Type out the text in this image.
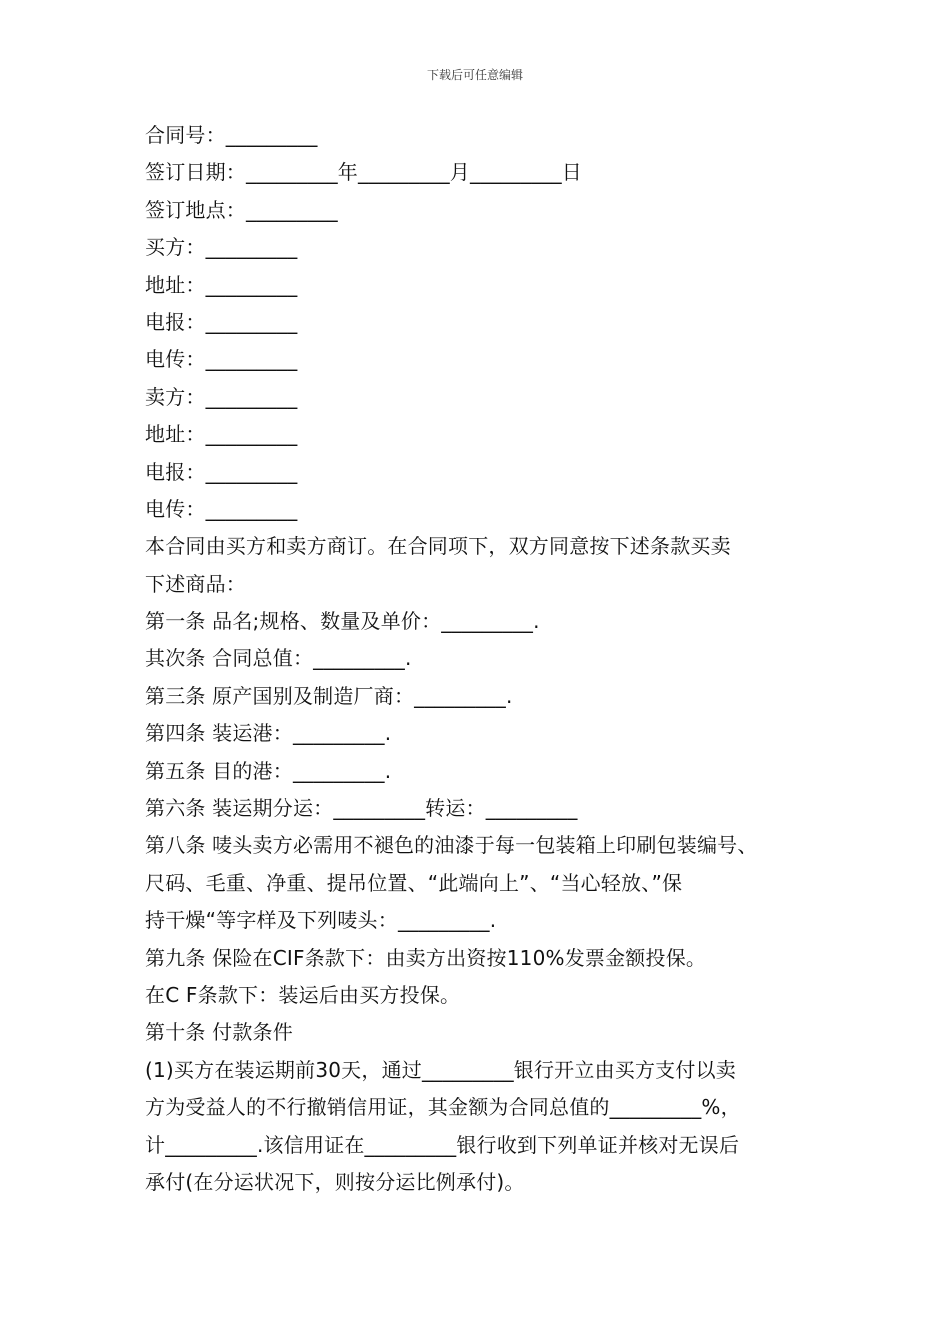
下载后可任意编辑
合同号：_________
签订日期：_________年_________月_________日
签订地点：_________
买方：_________
地址：_________
电报：_________
电传：_________
卖方：_________
地址：_________
电报：_________
电传：_________
本合同由买方和卖方商订。在合同项下，双方同意按下述条款买卖
下述商品：
第一条 品名;规格、数量及单价：_________.
其次条 合同总值：_________.
第三条 原产国别及制造厂商：_________.
第四条 装运港：_________.
第五条 目的港：_________.
第六条 装运期分运：_________转运：_________
第八条 唛头卖方必需用不褪色的油漆于每一包装箱上印刷包装编号、
尺码、毛重、净重、提吊位置、“此端向上”、“当心轻放、”保
持干燥“等字样及下列唛头：_________.
第九条 保险在CIF条款下：由卖方出资按110%发票金额投保。
在C F条款下：装运后由买方投保。
第十条 付款条件
(1)买方在装运期前30天，通过_________银行开立由买方支付以卖
方为受益人的不行撤销信用证，其金额为合同总值的_________%，
计_________.该信用证在_________银行收到下列单证并核对无误后
承付(在分运状况下，则按分运比例承付)。
